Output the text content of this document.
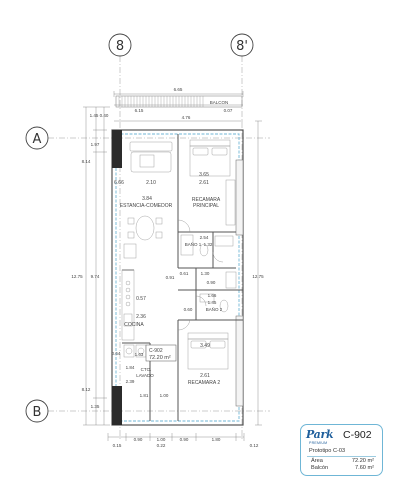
8	8'
A
B
6.65
6.15
BALCON
0.07
4.76
12.75
1.45 0.40
1.97
8.14
9.74
8.12
1.35
12.75
0.90	1.00	0.90	1.80
0.15	0.22	0.12
2.10
6.66
3.84
ESTANCIA-COMEDOR
3.65
2.61
RECAMARA
PRINCIPAL
2.54
BAÑO 1 1.32
0.61	1.30
0.91
0.90
1.66
1.45
0.60	BAÑO 2
0.57
2.36
COCINA
C-902
72.20 m²
1.63
0.64
1.84 CTO.
LAVADO
2.39
1.81 1.00
3.49
2.61
RECAMARA 2
Park
PREMIUM
C-902
Prototipo C-03
Área	72.20 m²
Balcón	7.60 m²
